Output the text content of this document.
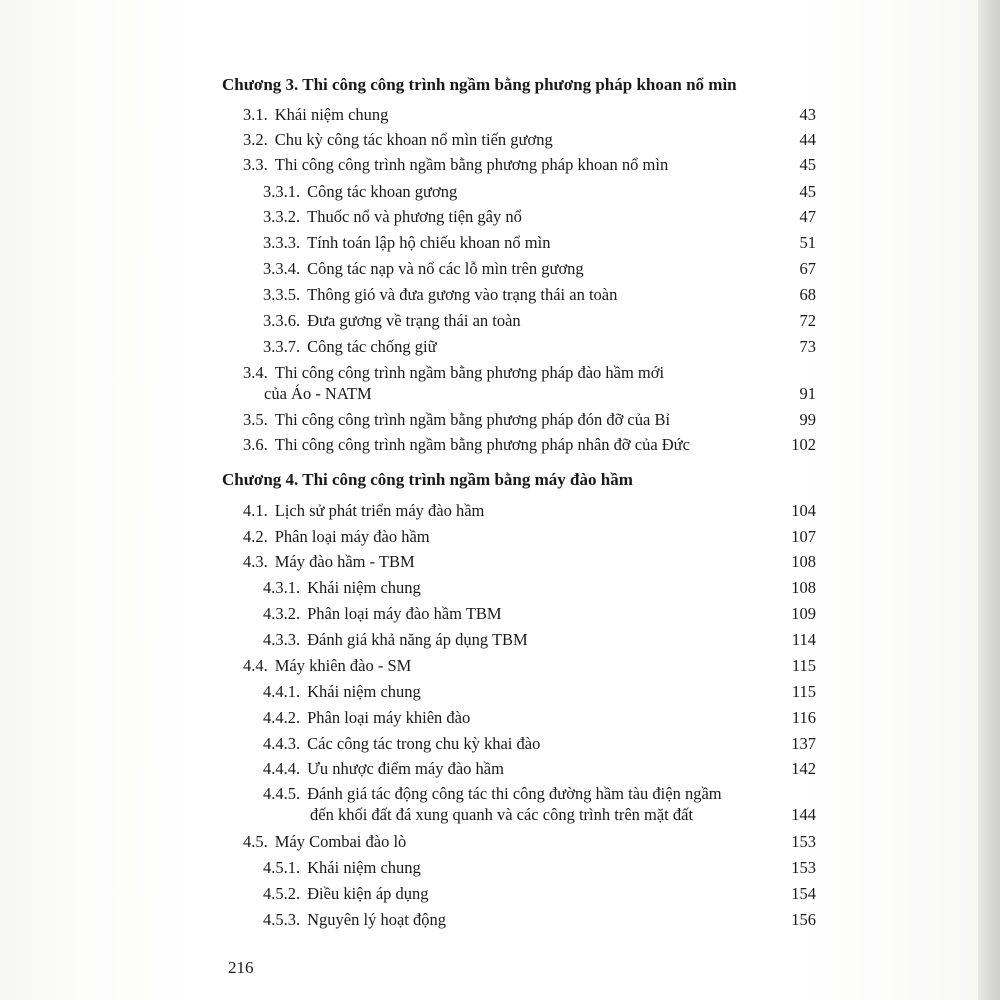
Chương 3. Thi công công trình ngầm bằng phương pháp khoan nổ mìn
3.1. Khái niệm chung	43
3.2. Chu kỳ công tác khoan nổ mìn tiến gương	44
3.3. Thi công công trình ngầm bằng phương pháp khoan nổ mìn	45
3.3.1. Công tác khoan gương	45
3.3.2. Thuốc nổ và phương tiện gây nổ	47
3.3.3. Tính toán lập hộ chiếu khoan nổ mìn	51
3.3.4. Công tác nạp và nổ các lỗ mìn trên gương	67
3.3.5. Thông gió và đưa gương vào trạng thái an toàn	68
3.3.6. Đưa gương về trạng thái an toàn	72
3.3.7. Công tác chống giữ	73
3.4. Thi công công trình ngầm bằng phương pháp đào hầm mới
của Áo - NATM	91
3.5. Thi công công trình ngầm bằng phương pháp đón đỡ của Bỉ	99
3.6. Thi công công trình ngầm bằng phương pháp nhân đỡ của Đức	102
Chương 4. Thi công công trình ngầm bằng máy đào hầm
4.1. Lịch sử phát triển máy đào hầm	104
4.2. Phân loại máy đào hầm	107
4.3. Máy đào hầm - TBM	108
4.3.1. Khái niệm chung	108
4.3.2. Phân loại máy đào hầm TBM	109
4.3.3. Đánh giá khả năng áp dụng TBM	114
4.4. Máy khiên đào - SM	115
4.4.1. Khái niệm chung	115
4.4.2. Phân loại máy khiên đào	116
4.4.3. Các công tác trong chu kỳ khai đào	137
4.4.4. Ưu nhược điểm máy đào hầm	142
4.4.5. Đánh giá tác động công tác thi công đường hầm tàu điện ngầm
đến khối đất đá xung quanh và các công trình trên mặt đất	144
4.5. Máy Combai đào lò	153
4.5.1. Khái niệm chung	153
4.5.2. Điều kiện áp dụng	154
4.5.3. Nguyên lý hoạt động	156
216
